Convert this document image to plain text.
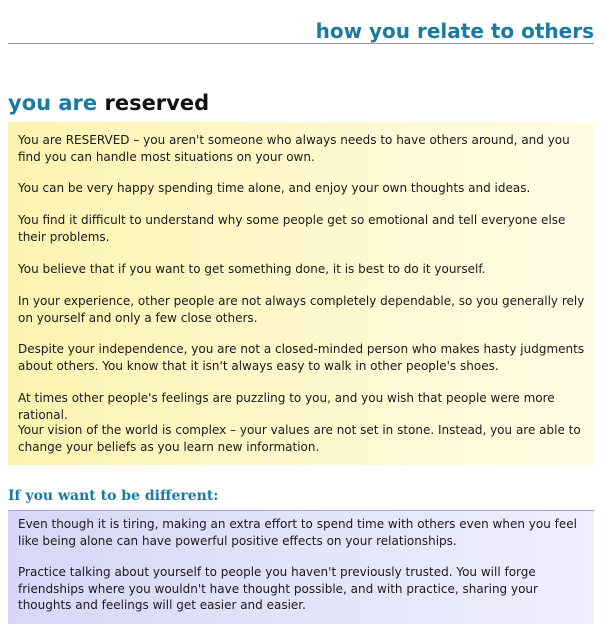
how you relate to others
you are reserved

You are RESERVED – you aren't someone who always needs to have others around, and you find you can handle most situations on your own.

You can be very happy spending time alone, and enjoy your own thoughts and ideas.

You find it difficult to understand why some people get so emotional and tell everyone else their problems.

You believe that if you want to get something done, it is best to do it yourself.

In your experience, other people are not always completely dependable, so you generally rely on yourself and only a few close others.

Despite your independence, you are not a closed-minded person who makes hasty judgments about others. You know that it isn't always easy to walk in other people's shoes.

At times other people's feelings are puzzling to you, and you wish that people were more rational.

Your vision of the world is complex – your values are not set in stone. Instead, you are able to change your beliefs as you learn new information.

If you want to be different:

Even though it is tiring, making an extra effort to spend time with others even when you feel like being alone can have powerful positive effects on your relationships.

Practice talking about yourself to people you haven't previously trusted. You will forge friendships where you wouldn't have thought possible, and with practice, sharing your thoughts and feelings will get easier and easier.
